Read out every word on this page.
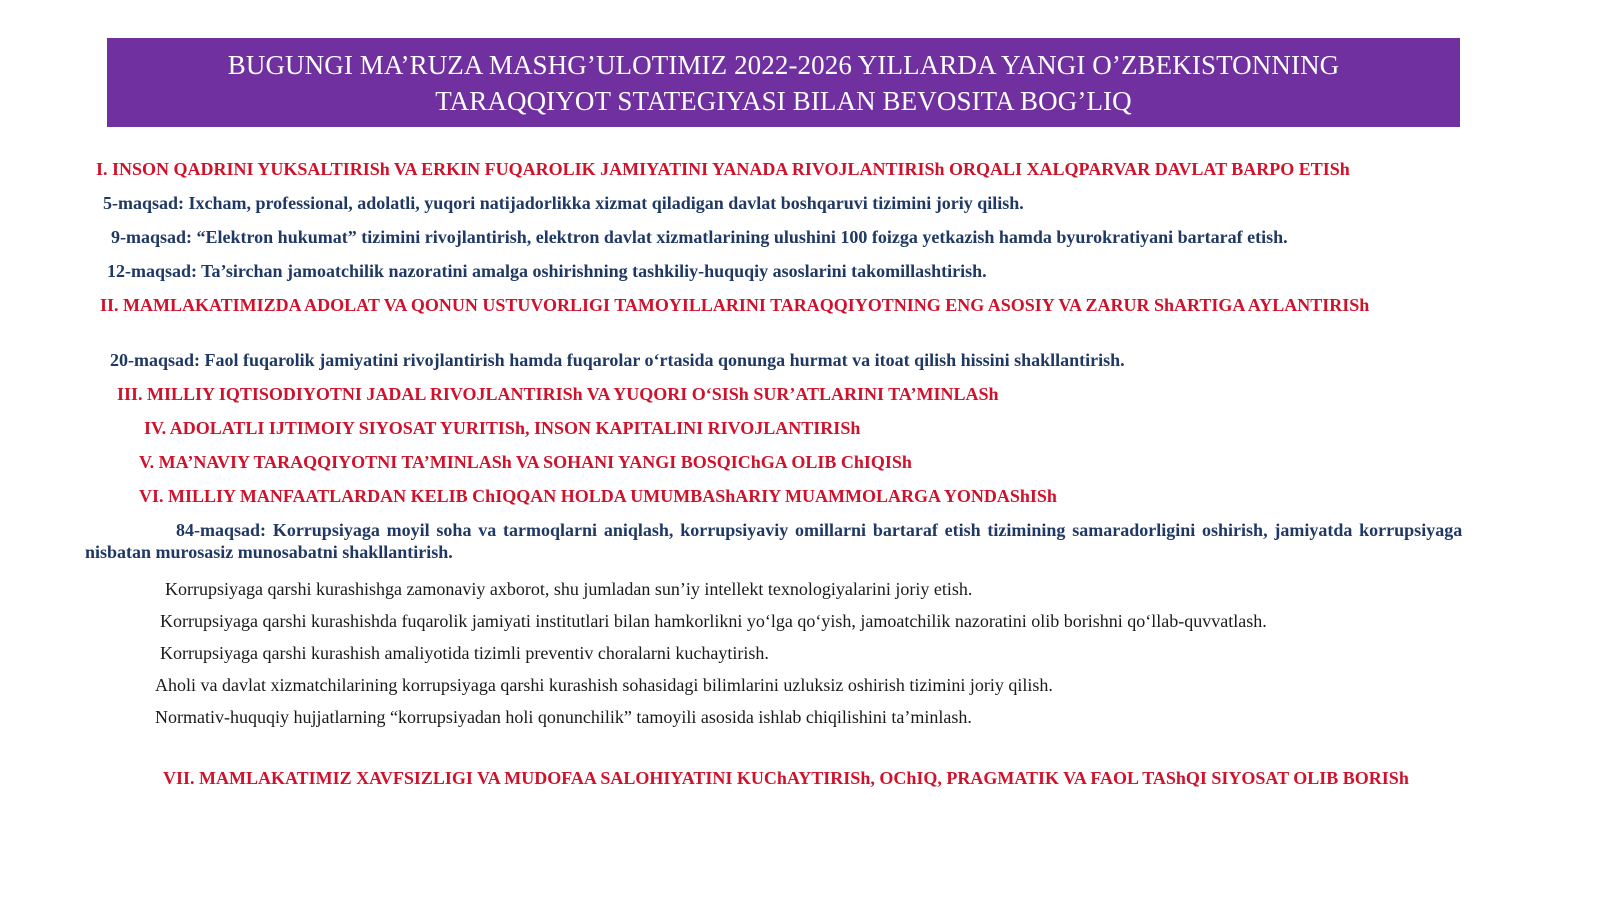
BUGUNGI MA’RUZA MASHG’ULOTIMIZ 2022-2026 YILLARDA YANGI O’ZBEKISTONNING
TARAQQIYOT STATEGIYASI BILAN BEVOSITA BOG’LIQ
I. INSON QADRINI YUKSALTIRISh VA ERKIN FUQAROLIK JAMIYATINI YANADA RIVOJLANTIRISh ORQALI XALQPARVAR DAVLAT BARPO ETISh
5-maqsad: Ixcham, professional, adolatli, yuqori natijadorlikka xizmat qiladigan davlat boshqaruvi tizimini joriy qilish.
9-maqsad: “Elektron hukumat” tizimini rivojlantirish, elektron davlat xizmatlarining ulushini 100 foizga yetkazish hamda byurokratiyani bartaraf etish.
12-maqsad: Ta’sirchan jamoatchilik nazoratini amalga oshirishning tashkiliy-huquqiy asoslarini takomillashtirish.
II. MAMLAKATIMIZDA ADOLAT VA QONUN USTUVORLIGI TAMOYILLARINI TARAQQIYOTNING ENG ASOSIY VA ZARUR ShARTIGA AYLANTIRISh
20-maqsad: Faol fuqarolik jamiyatini rivojlantirish hamda fuqarolar o‘rtasida qonunga hurmat va itoat qilish hissini shakllantirish.
III. MILLIY IQTISODIYOTNI JADAL RIVOJLANTIRISh VA YUQORI O‘SISh SUR’ATLARINI TA’MINLASh
IV. ADOLATLI IJTIMOIY SIYOSAT YURITISh, INSON KAPITALINI RIVOJLANTIRISh
V. MA’NAVIY TARAQQIYOTNI TA’MINLASh VA SOHANI YANGI BOSQIChGA OLIB ChIQISh
VI. MILLIY MANFAATLARDAN KELIB ChIQQAN HOLDA UMUMBAShARIY MUAMMOLARGA YONDAShISh
84-maqsad: Korrupsiyaga moyil soha va tarmoqlarni aniqlash, korrupsiyaviy omillarni bartaraf etish tizimining samaradorligini oshirish, jamiyatda korrupsiyaga nisbatan murosasiz munosabatni shakllantirish.
Korrupsiyaga qarshi kurashishga zamonaviy axborot, shu jumladan sun’iy intellekt texnologiyalarini joriy etish.
Korrupsiyaga qarshi kurashishda fuqarolik jamiyati institutlari bilan hamkorlikni yo‘lga qo‘yish, jamoatchilik nazoratini olib borishni qo‘llab-quvvatlash.
Korrupsiyaga qarshi kurashish amaliyotida tizimli preventiv choralarni kuchaytirish.
Aholi va davlat xizmatchilarining korrupsiyaga qarshi kurashish sohasidagi bilimlarini uzluksiz oshirish tizimini joriy qilish.
Normativ-huquqiy hujjatlarning “korrupsiyadan holi qonunchilik” tamoyili asosida ishlab chiqilishini ta’minlash.
VII. MAMLAKATIMIZ XAVFSIZLIGI VA MUDOFAA SALOHIYATINI KUChAYTIRISh, OChIQ, PRAGMATIK VA FAOL TAShQI SIYOSAT OLIB BORISh
